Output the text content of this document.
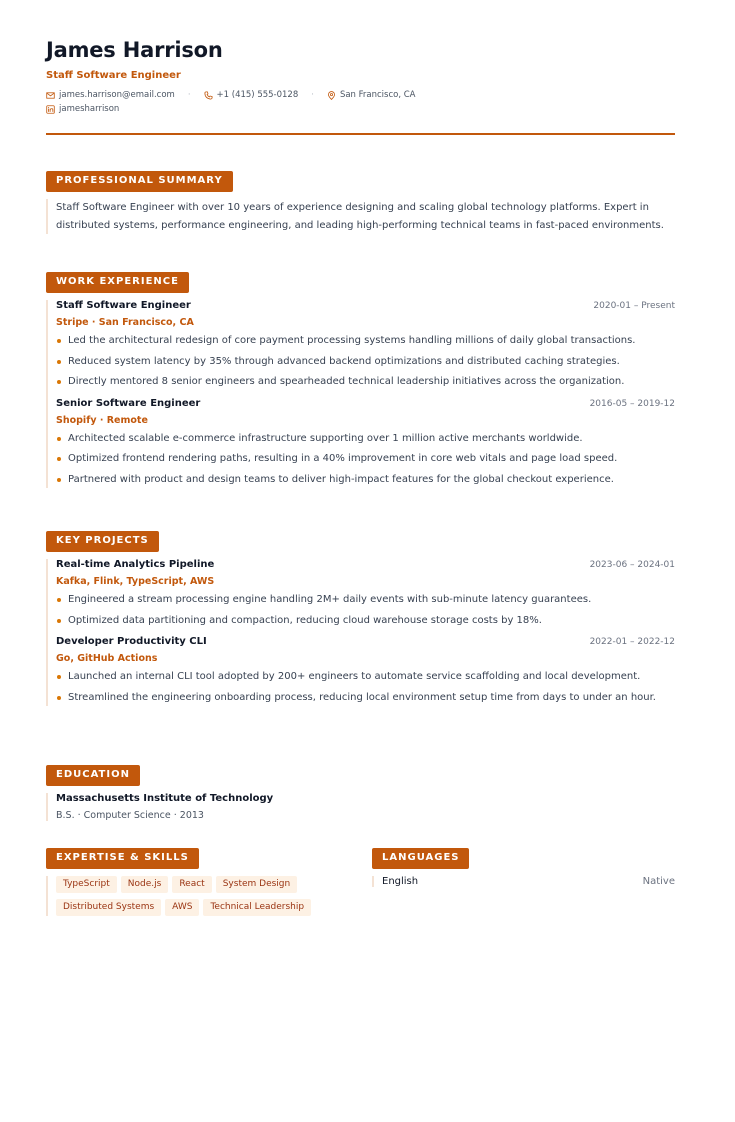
James Harrison
Staff Software Engineer
james.harrison@email.com ·	+1 (415) 555-0128 ·	San Francisco, CA
jamesharrison
PROFESSIONAL SUMMARY

Staff Software Engineer with over 10 years of experience designing and scaling global technology platforms. Expert in distributed systems, performance engineering, and leading high-performing technical teams in fast-paced environments.

WORK EXPERIENCE
Staff Software Engineer	2020-01 – Present
Stripe · San Francisco, CA
Led the architectural redesign of core payment processing systems handling millions of daily global transactions.
Reduced system latency by 35% through advanced backend optimizations and distributed caching strategies.
Directly mentored 8 senior engineers and spearheaded technical leadership initiatives across the organization.
Senior Software Engineer	2016-05 – 2019-12
Shopify · Remote
Architected scalable e-commerce infrastructure supporting over 1 million active merchants worldwide.
Optimized frontend rendering paths, resulting in a 40% improvement in core web vitals and page load speed.
Partnered with product and design teams to deliver high-impact features for the global checkout experience.
KEY PROJECTS
Real-time Analytics Pipeline	2023-06 – 2024-01
Kafka, Flink, TypeScript, AWS
Engineered a stream processing engine handling 2M+ daily events with sub-minute latency guarantees.
Optimized data partitioning and compaction, reducing cloud warehouse storage costs by 18%.
Developer Productivity CLI	2022-01 – 2022-12
Go, GitHub Actions
Launched an internal CLI tool adopted by 200+ engineers to automate service scaffolding and local development.
Streamlined the engineering onboarding process, reducing local environment setup time from days to under an hour.
EDUCATION
Massachusetts Institute of Technology
B.S. · Computer Science · 2013
EXPERTISE & SKILLS
TypeScript	Node.js	React	System Design
Distributed Systems	AWS	Technical Leadership
LANGUAGES
English	Native
